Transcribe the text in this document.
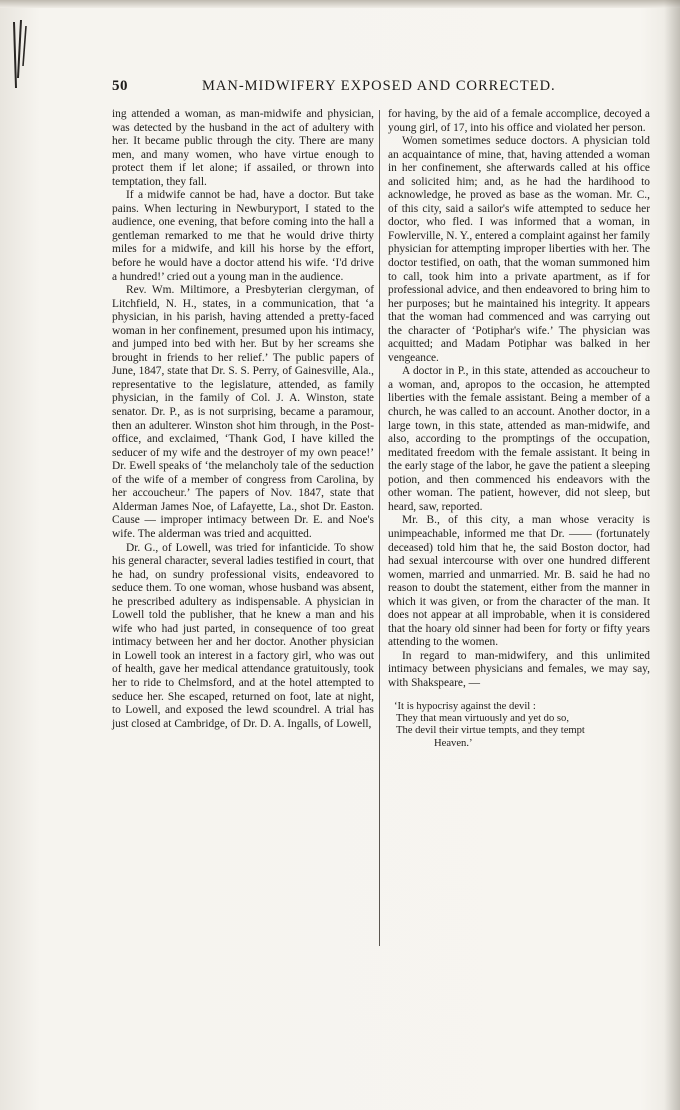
50	MAN-MIDWIFERY EXPOSED AND CORRECTED.

ing attended a woman, as man-midwife and physician, was detected by the husband in the act of adultery with her. It became public through the city. There are many men, and many women, who have virtue enough to protect them if let alone; if assailed, or thrown into temptation, they fall.

If a midwife cannot be had, have a doctor. But take pains. When lecturing in Newburyport, I stated to the audience, one evening, that before coming into the hall a gentleman remarked to me that he would drive thirty miles for a midwife, and kill his horse by the effort, before he would have a doctor attend his wife. ‘I'd drive a hundred!’ cried out a young man in the audience.

Rev. Wm. Miltimore, a Presbyterian clergyman, of Litchfield, N. H., states, in a communication, that ‘a physician, in his parish, having attended a pretty-faced woman in her confinement, presumed upon his intimacy, and jumped into bed with her. But by her screams she brought in friends to her relief.’ The public papers of June, 1847, state that Dr. S. S. Perry, of Gainesville, Ala., representative to the legislature, attended, as family physician, in the family of Col. J. A. Winston, state senator. Dr. P., as is not surprising, became a paramour, then an adulterer. Winston shot him through, in the Post-office, and exclaimed, ‘Thank God, I have killed the seducer of my wife and the destroyer of my own peace!’ Dr. Ewell speaks of ‘the melancholy tale of the seduction of the wife of a member of congress from Carolina, by her accoucheur.’ The papers of Nov. 1847, state that Alderman James Noe, of Lafayette, La., shot Dr. Easton. Cause — improper intimacy between Dr. E. and Noe's wife. The alderman was tried and acquitted.

Dr. G., of Lowell, was tried for infanticide. To show his general character, several ladies testified in court, that he had, on sundry professional visits, endeavored to seduce them. To one woman, whose husband was absent, he prescribed adultery as indispensable. A physician in Lowell told the publisher, that he knew a man and his wife who had just parted, in consequence of too great intimacy between her and her doctor. Another physician in Lowell took an interest in a factory girl, who was out of health, gave her medical attendance gratuitously, took her to ride to Chelmsford, and at the hotel attempted to seduce her. She escaped, returned on foot, late at night, to Lowell, and exposed the lewd scoundrel. A trial has just closed at Cambridge, of Dr. D. A. Ingalls, of Lowell,

for having, by the aid of a female accomplice, decoyed a young girl, of 17, into his office and violated her person.

Women sometimes seduce doctors. A physician told an acquaintance of mine, that, having attended a woman in her confinement, she afterwards called at his office and solicited him; and, as he had the hardihood to acknowledge, he proved as base as the woman. Mr. C., of this city, said a sailor's wife attempted to seduce her doctor, who fled. I was informed that a woman, in Fowlerville, N. Y., entered a complaint against her family physician for attempting improper liberties with her. The doctor testified, on oath, that the woman summoned him to call, took him into a private apartment, as if for professional advice, and then endeavored to bring him to her purposes; but he maintained his integrity. It appears that the woman had commenced and was carrying out the character of ‘Potiphar's wife.’ The physician was acquitted; and Madam Potiphar was balked in her vengeance.

A doctor in P., in this state, attended as accoucheur to a woman, and, apropos to the occasion, he attempted liberties with the female assistant. Being a member of a church, he was called to an account. Another doctor, in a large town, in this state, attended as man-midwife, and also, according to the promptings of the occupation, meditated freedom with the female assistant. It being in the early stage of the labor, he gave the patient a sleeping potion, and then commenced his endeavors with the other woman. The patient, however, did not sleep, but heard, saw, reported.

Mr. B., of this city, a man whose veracity is unimpeachable, informed me that Dr. —— (fortunately deceased) told him that he, the said Boston doctor, had had sexual intercourse with over one hundred different women, married and unmarried. Mr. B. said he had no reason to doubt the statement, either from the manner in which it was given, or from the character of the man. It does not appear at all improbable, when it is considered that the hoary old sinner had been for forty or fifty years attending to the women.

In regard to man-midwifery, and this unlimited intimacy between physicians and females, we may say, with Shakspeare, —

‘It is hypocrisy against the devil :
They that mean virtuously and yet do so,
The devil their virtue tempts, and they tempt
Heaven.’
